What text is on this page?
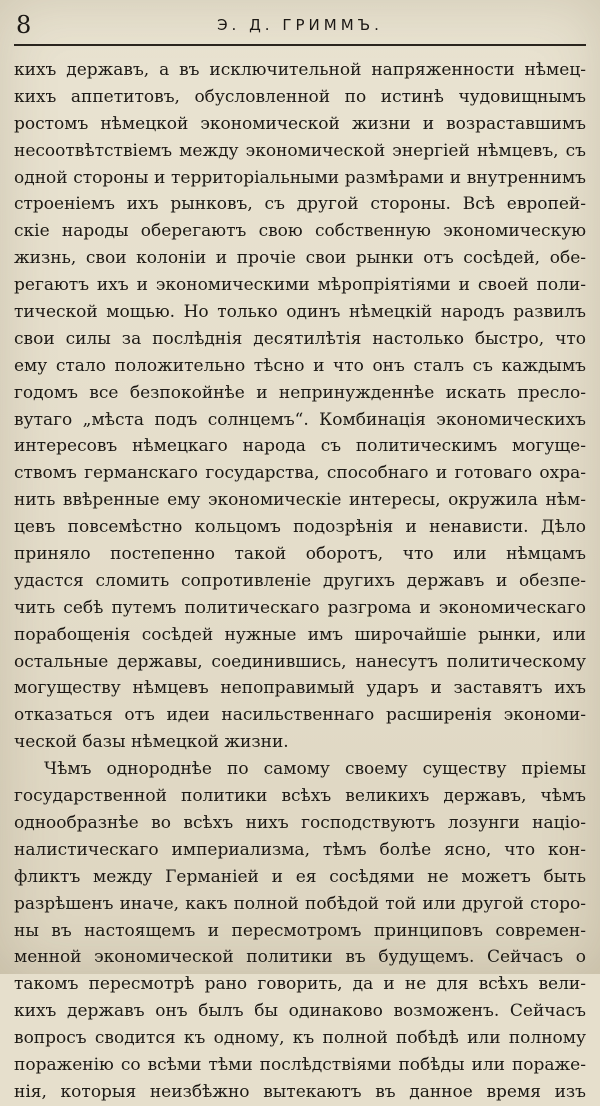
8	Э. Д. ГРИММЪ.
кихъ державъ, а въ исключительной напряженности нѣмец-
кихъ аппетитовъ, обусловленной по истинѣ чудовищнымъ
ростомъ нѣмецкой экономической жизни и возраставшимъ
несоотвѣтствіемъ между экономической энергіей нѣмцевъ, съ
одной стороны и территоріальными размѣрами и внутреннимъ
строеніемъ ихъ рынковъ, съ другой стороны. Всѣ европей-
скіе народы оберегаютъ свою собственную экономическую
жизнь, свои колоніи и прочіе свои рынки отъ сосѣдей, обе-
регаютъ ихъ и экономическими мѣропріятіями и своей поли-
тической мощью. Но только одинъ нѣмецкій народъ развилъ
свои силы за послѣднія десятилѣтія настолько быстро, что
ему стало положительно тѣсно и что онъ сталъ съ каждымъ
годомъ все безпокойнѣе и непринужденнѣе искать пресло-
вутаго „мѣста подъ солнцемъ“. Комбинація экономическихъ
интересовъ нѣмецкаго народа съ политическимъ могуще-
ствомъ германскаго государства, способнаго и готоваго охра-
нить ввѣренные ему экономическіе интересы, окружила нѣм-
цевъ повсемѣстно кольцомъ подозрѣнія и ненависти. Дѣло
приняло постепенно такой оборотъ, что или нѣмцамъ
удастся сломить сопротивленіе другихъ державъ и обезпе-
чить себѣ путемъ политическаго разгрома и экономическаго
порабощенія сосѣдей нужные имъ широчайшіе рынки, или
остальные державы, соединившись, нанесутъ политическому
могуществу нѣмцевъ непоправимый ударъ и заставятъ ихъ
отказаться отъ идеи насильственнаго расширенія экономи-
ческой базы нѣмецкой жизни.
Чѣмъ однороднѣе по самому своему существу пріемы
государственной политики всѣхъ великихъ державъ, чѣмъ
однообразнѣе во всѣхъ нихъ господствуютъ лозунги націо-
налистическаго империализма, тѣмъ болѣе ясно, что кон-
фликтъ между Германіей и ея сосѣдями не можетъ быть
разрѣшенъ иначе, какъ полной побѣдой той или другой сторо-
ны въ настоящемъ и пересмотромъ принциповъ современ-
менной экономической политики въ будущемъ. Сейчасъ о
такомъ пересмотрѣ рано говорить, да и не для всѣхъ вели-
кихъ державъ онъ былъ бы одинаково возможенъ. Сейчасъ
вопросъ сводится къ одному, къ полной побѣдѣ или полному
пораженію со всѣми тѣми послѣдствіями побѣды или пораже-
нія, которыя неизбѣжно вытекаютъ въ данное время изъ
